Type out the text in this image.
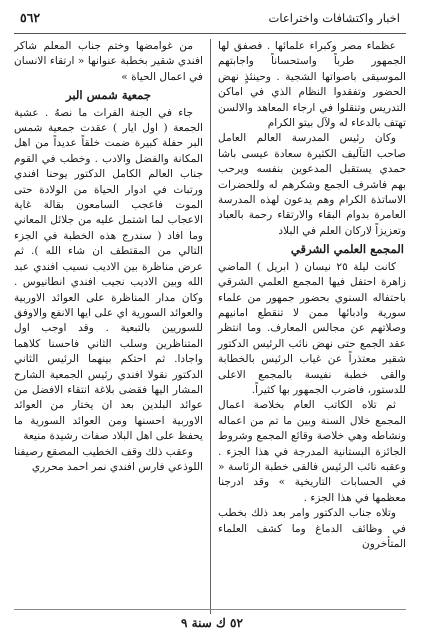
اخبار واكتشافات واختراعات
٥٦٢

عظماء مصر وكبراء علمائها . فصفق لها الجمهور طرباً واستحساناً واجابتهم الموسيقى باصواتها الشجية . وحينئذٍ نهض الحضور وتفقدوا النظام الذي في اماكن التدريس وتنقلوا في ارجاء المعاهد والالسن تهتف بالدعاء له ولآل بيتو الكرام

وكان رئيس المدرسة العالم العامل صاحب التآليف الكثيرة سعادة عيسى باشا حمدي يستقبل المدعوين بنفسه ويرحب بهم فاشرف الجمع وشكرهم له وللحضرات الاساتذة الكرام وهم يدعون لهذه المدرسة العامرة بدوام البقاء والارتقاء رحمة بالعباد وتعزيزاً لاركان العلم في البلاد

المجمع العلمي الشرقي

كانت ليلة ٢٥ نيسان ( ابريل ) الماضي زاهرة احتفل فيها المجمع العلمي الشرقي باحتفاله السنوي بحضور جمهور من علماء سورية وادبائها ممن لا تنقطع امانيهم وصلاتهم عن مجالس المعارف. وما انتظر عقد الجمع حتى نهض نائب الرئيس الدكتور شقير معتذراً عن غياب الرئيس بالخطابة والقى خطبة نفيسة بالمجمع الاعلى للدستور، فاضرب الجمهور بها كثيراً.

ثم تلاه الكاتب العام بخلاصة اعمال المجمع خلال السنة وبين ما تم من اعماله ونشاطه وهي خلاصة وقائع المجمع وشروط الجائزة البستانية المدرجة في هذا الجزء . وعقبه نائب الرئيس فالقى خطبة الرئاسة « في الحسابات التاريخية » وقد ادرجنا معظمها في هذا الجزء .

وتلاه جناب الدكتور وامر بعد ذلك بخطب في وظائف الدماغ وما كشف العلماء المتأخرون

من غوامضها وختم جناب المعلم شاكر افندي شقير بخطبة عنوانها « ارتقاء الانسان في اعمال الحياة »

جمعية شمس البر

جاء في الجنة الفرات ما نصهُ . عشية الجمعة ( اول ايار ) عقدت جمعية شمس البر حفلة كبيرة ضمت خلقاً عديداً من اهل المكانة والفضل والادب . وخطب في القوم جناب العالم الكامل الدكتور يوحنا افندي ورتبات في ادوار الحياة من الولادة حتى الموت فاعجب السامعون بقالة غاية الاعجاب لما اشتمل عليه من جلائل المعاني وما افاد ( سندرج هذه الخطبة في الجزء التالي من المقتطف ان شاء الله ). ثم عرض مناظرة بين الاديب نسيب افندي عبد الله وبين الاديب نجيب افندي انطانيوس . وكان مدار المناظرة على العوائد الاوربية والعوائد السورية اي على ايها الانفع والاوفق للسوريين بالتبعية . وقد اوجب اول المتناظرين وسلب الثاني فاحسنا كلاهما واجادا. ثم احتكم بينهما الرئيس الثاني الدكتور نقولا افندي رئيس الجمعية الشارح المشار اليها فقضى بلاغة انتقاء الافضل من عوائد البلدين بعد ان يختار من العوائد الاوربية احسنها ومن العوائد السورية ما يحفظ على اهل البلاد صفات رشيدة منيعة

وعقب ذلك وقف الخطيب المصقع رصيفنا اللوذعي فارس افندي نمر احمد محرري

٥٢ ك سنة ٩
